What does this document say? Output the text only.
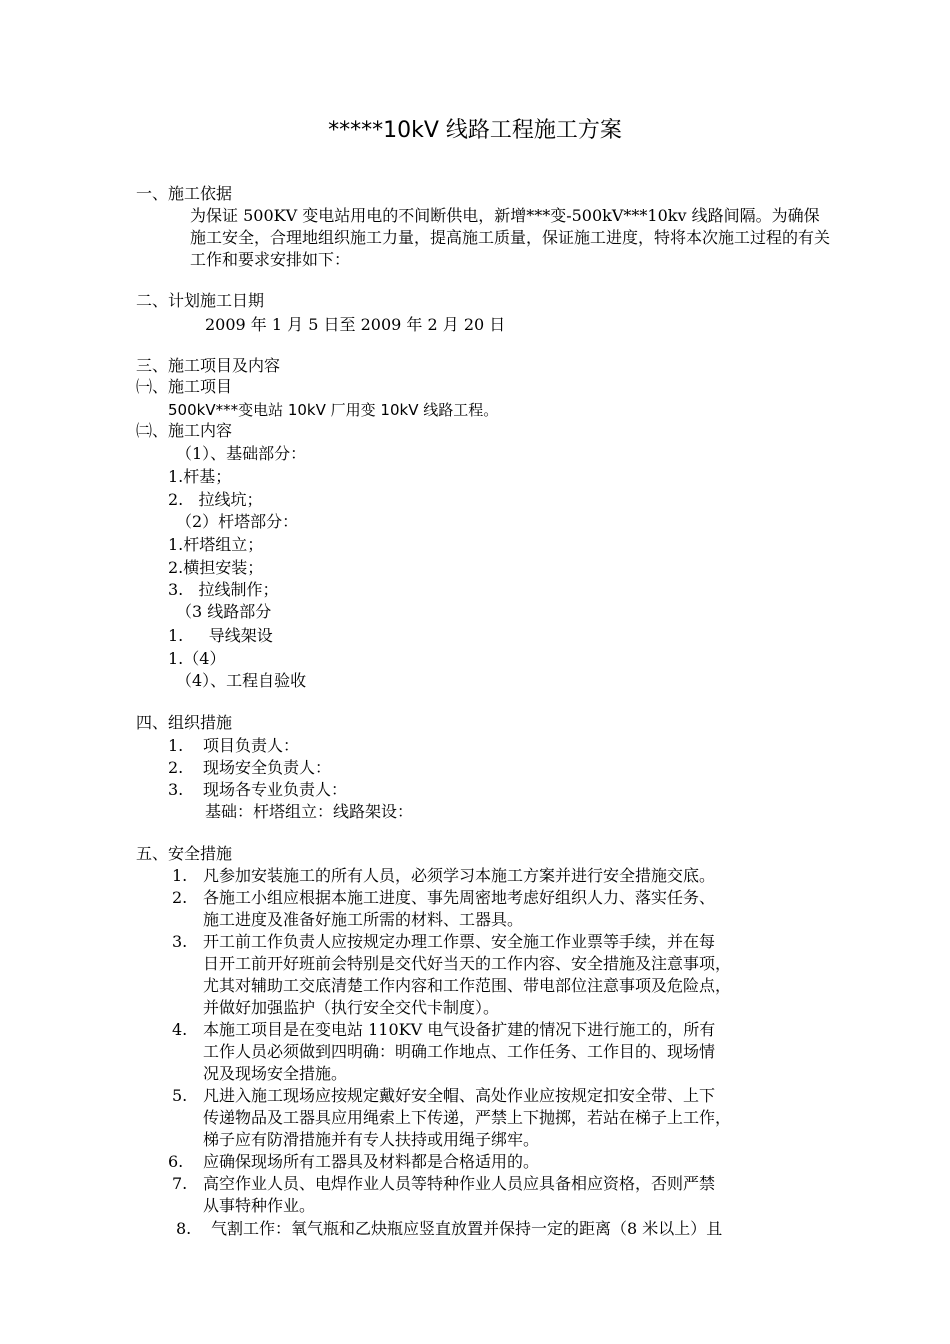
*****10kV 线路工程施工方案
一、施工依据
为保证 500KV 变电站用电的不间断供电，新增***变-500kV***10kv 线路间隔。为确保施工安全，合理地组织施工力量，提高施工质量，保证施工进度，特将本次施工过程的有关工作和要求安排如下：
二、计划施工日期
2009 年 1 月 5 日至 2009 年 2 月 20 日
三、施工项目及内容
㈠、施工项目
500kV***变电站 10kV 厂用变 10kV 线路工程。
㈡、施工内容
（1）、基础部分：
1.杆基；
2.   拉线坑；
（2）杆塔部分：
1.杆塔组立；
2.横担安装；
3.   拉线制作；
（3 线路部分
1.     导线架设
1.（4）
（4）、工程自验收
四、组织措施
1. 项目负责人：
2. 现场安全负责人：
3. 现场各专业负责人：
基础：杆塔组立：线路架设：
五、安全措施
1. 凡参加安装施工的所有人员，必须学习本施工方案并进行安全措施交底。
2. 各施工小组应根据本施工进度、事先周密地考虑好组织人力、落实任务、
施工进度及准备好施工所需的材料、工器具。
3. 开工前工作负责人应按规定办理工作票、安全施工作业票等手续，并在每
日开工前开好班前会特别是交代好当天的工作内容、安全措施及注意事项，
尤其对辅助工交底清楚工作内容和工作范围、带电部位注意事项及危险点，
并做好加强监护（执行安全交代卡制度）。
4. 本施工项目是在变电站 110KV 电气设备扩建的情况下进行施工的，所有
工作人员必须做到四明确：明确工作地点、工作任务、工作目的、现场情
况及现场安全措施。
5. 凡进入施工现场应按规定戴好安全帽、高处作业应按规定扣安全带、上下
传递物品及工器具应用绳索上下传递，严禁上下抛掷，若站在梯子上工作，
梯子应有防滑措施并有专人扶持或用绳子绑牢。
6. 应确保现场所有工器具及材料都是合格适用的。
7. 高空作业人员、电焊作业人员等特种作业人员应具备相应资格，否则严禁
从事特种作业。
8. 气割工作：氧气瓶和乙炔瓶应竖直放置并保持一定的距离（8 米以上）且
